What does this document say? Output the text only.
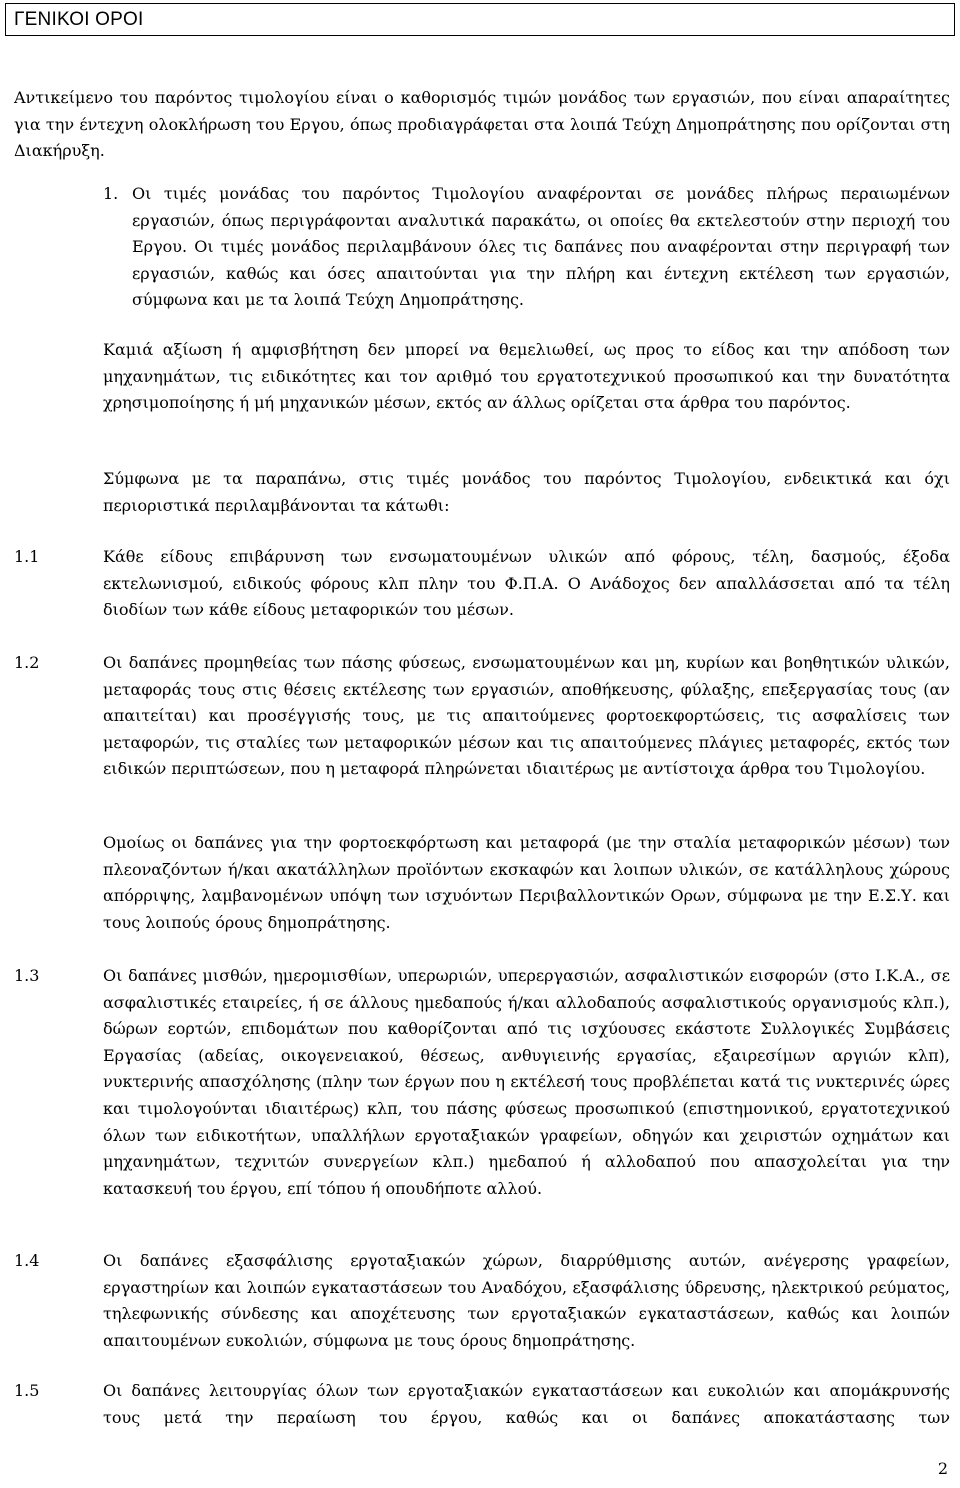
ΓΕΝΙΚΟΙ ΟΡΟΙ
Αντικείμενο του παρόντος τιμολογίου είναι ο καθορισμός τιμών μονάδος των εργασιών, που είναι απαραίτητες για την έντεχνη ολοκλήρωση του Εργου, όπως προδιαγράφεται στα λοιπά Τεύχη Δημοπράτησης που ορίζονται στη Διακήρυξη.
1. Οι τιμές μονάδας του παρόντος Τιμολογίου αναφέρονται σε μονάδες πλήρως περαιωμένων εργασιών, όπως περιγράφονται αναλυτικά παρακάτω, οι οποίες θα εκτελεστούν στην περιοχή του Εργου. Οι τιμές μονάδος περιλαμβάνουν όλες τις δαπάνες που αναφέρονται στην περιγραφή των εργασιών, καθώς και όσες απαιτούνται για την πλήρη και έντεχνη εκτέλεση των εργασιών, σύμφωνα και με τα λοιπά Τεύχη Δημοπράτησης.
Καμιά αξίωση ή αμφισβήτηση δεν μπορεί να θεμελιωθεί, ως προς το είδος και την απόδοση των μηχανημάτων, τις ειδικότητες και τον αριθμό του εργατοτεχνικού προσωπικού και την δυνατότητα χρησιμοποίησης ή μή μηχανικών μέσων, εκτός αν άλλως ορίζεται στα άρθρα του παρόντος.
Σύμφωνα με τα παραπάνω, στις τιμές μονάδος του παρόντος Τιμολογίου, ενδεικτικά και όχι περιοριστικά περιλαμβάνονται τα κάτωθι:
1.1	Κάθε είδους επιβάρυνση των ενσωματουμένων υλικών από φόρους, τέλη, δασμούς, έξοδα εκτελωνισμού, ειδικούς φόρους κλπ πλην του Φ.Π.Α. Ο Ανάδοχος δεν απαλλάσσεται από τα τέλη διοδίων των κάθε είδους μεταφορικών του μέσων.
1.2	Οι δαπάνες προμηθείας των πάσης φύσεως, ενσωματουμένων και μη, κυρίων και βοηθητικών υλικών, μεταφοράς τους στις θέσεις εκτέλεσης των εργασιών, αποθήκευσης, φύλαξης, επεξεργασίας τους (αν απαιτείται) και προσέγγισής τους, με τις απαιτούμενες φορτοεκφορτώσεις, τις ασφαλίσεις των μεταφορών, τις σταλίες των μεταφορικών μέσων και τις απαιτούμενες πλάγιες μεταφορές, εκτός των ειδικών περιπτώσεων, που η μεταφορά πληρώνεται ιδιαιτέρως με αντίστοιχα άρθρα του Τιμολογίου.
Ομοίως οι δαπάνες για την φορτοεκφόρτωση και μεταφορά (με την σταλία μεταφορικών μέσων) των πλεοναζόντων ή/και ακατάλληλων προϊόντων εκσκαφών και λοιπων υλικών, σε κατάλληλους χώρους απόρριψης, λαμβανομένων υπόψη των ισχυόντων Περιβαλλοντικών Ορων, σύμφωνα με την Ε.Σ.Υ. και τους λοιπούς όρους δημοπράτησης.
1.3	Οι δαπάνες μισθών, ημερομισθίων, υπερωριών, υπερεργασιών, ασφαλιστικών εισφορών (στο Ι.Κ.Α., σε ασφαλιστικές εταιρείες, ή σε άλλους ημεδαπούς ή/και αλλοδαπούς ασφαλιστικούς οργανισμούς κλπ.), δώρων εορτών, επιδομάτων που καθορίζονται από τις ισχύουσες εκάστοτε Συλλογικές Συμβάσεις Εργασίας (αδείας, οικογενειακού, θέσεως, ανθυγιεινής εργασίας, εξαιρεσίμων αργιών κλπ), νυκτερινής απασχόλησης (πλην των έργων που η εκτέλεσή τους προβλέπεται κατά τις νυκτερινές ώρες και τιμολογούνται ιδιαιτέρως) κλπ, του πάσης φύσεως προσωπικού (επιστημονικού, εργατοτεχνικού όλων των ειδικοτήτων, υπαλλήλων εργοταξιακών γραφείων, οδηγών και χειριστών οχημάτων και μηχανημάτων, τεχνιτών συνεργείων κλπ.) ημεδαπού ή αλλοδαπού που απασχολείται για την κατασκευή του έργου, επί τόπου ή οπουδήποτε αλλού.
1.4	Οι δαπάνες εξασφάλισης εργοταξιακών χώρων, διαρρύθμισης αυτών, ανέγερσης γραφείων, εργαστηρίων και λοιπών εγκαταστάσεων του Αναδόχου, εξασφάλισης ύδρευσης, ηλεκτρικού ρεύματος, τηλεφωνικής σύνδεσης και αποχέτευσης των εργοταξιακών εγκαταστάσεων, καθώς και λοιπών απαιτουμένων ευκολιών, σύμφωνα με τους όρους δημοπράτησης.
1.5	Οι δαπάνες λειτουργίας όλων των εργοταξιακών εγκαταστάσεων και ευκολιών και απομάκρυνσής τους μετά την περαίωση του έργου, καθώς και οι δαπάνες αποκατάστασης των
2
